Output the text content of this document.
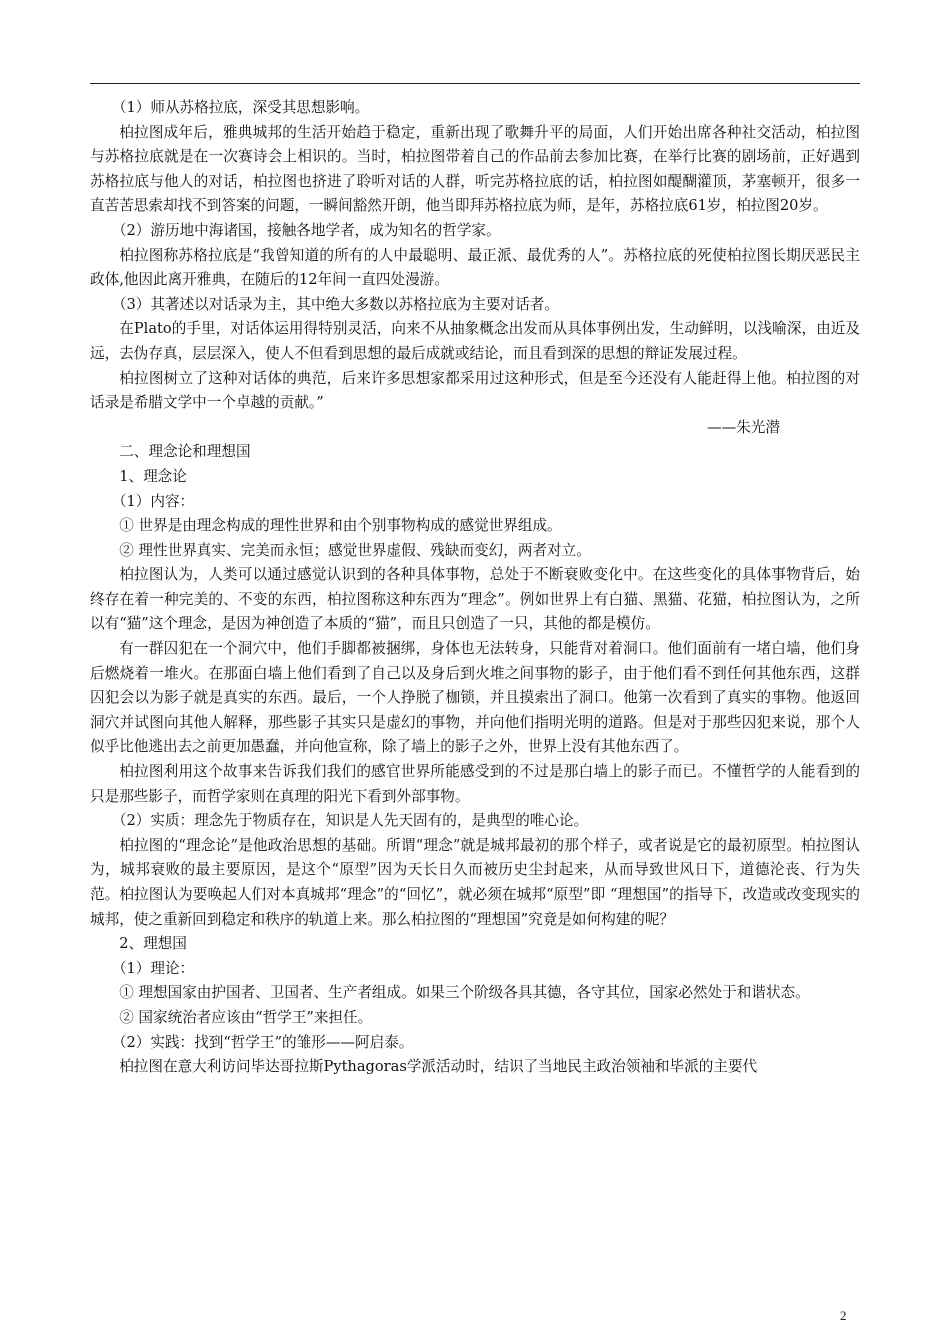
（1）师从苏格拉底，深受其思想影响。

柏拉图成年后，雅典城邦的生活开始趋于稳定，重新出现了歌舞升平的局面，人们开始出席各种社交活动，柏拉图与苏格拉底就是在一次赛诗会上相识的。当时，柏拉图带着自己的作品前去参加比赛，在举行比赛的剧场前，正好遇到苏格拉底与他人的对话，柏拉图也挤进了聆听对话的人群，听完苏格拉底的话，柏拉图如醍醐灌顶，茅塞顿开，很多一直苦苦思索却找不到答案的问题，一瞬间豁然开朗，他当即拜苏格拉底为师，是年，苏格拉底61岁，柏拉图20岁。

（2）游历地中海诸国，接触各地学者，成为知名的哲学家。

柏拉图称苏格拉底是“我曾知道的所有的人中最聪明、最正派、最优秀的人”。苏格拉底的死使柏拉图长期厌恶民主政体,他因此离开雅典，在随后的12年间一直四处漫游。

（3）其著述以对话录为主，其中绝大多数以苏格拉底为主要对话者。

在Plato的手里，对话体运用得特别灵活，向来不从抽象概念出发而从具体事例出发，生动鲜明，以浅喻深，由近及远，去伪存真，层层深入，使人不但看到思想的最后成就或结论，而且看到深的思想的辩证发展过程。

柏拉图树立了这种对话体的典范，后来许多思想家都采用过这种形式，但是至今还没有人能赶得上他。柏拉图的对话录是希腊文学中一个卓越的贡献。”

——朱光潜

二、理念论和理想国

1、理念论

（1）内容：

① 世界是由理念构成的理性世界和由个别事物构成的感觉世界组成。

② 理性世界真实、完美而永恒；感觉世界虚假、残缺而变幻，两者对立。

柏拉图认为，人类可以通过感觉认识到的各种具体事物，总处于不断衰败变化中。在这些变化的具体事物背后，始终存在着一种完美的、不变的东西，柏拉图称这种东西为“理念”。例如世界上有白猫、黑猫、花猫，柏拉图认为，之所以有“猫”这个理念，是因为神创造了本质的“猫”，而且只创造了一只，其他的都是模仿。

有一群囚犯在一个洞穴中，他们手脚都被捆绑，身体也无法转身，只能背对着洞口。他们面前有一堵白墙，他们身后燃烧着一堆火。在那面白墙上他们看到了自己以及身后到火堆之间事物的影子，由于他们看不到任何其他东西，这群囚犯会以为影子就是真实的东西。最后，一个人挣脱了枷锁，并且摸索出了洞口。他第一次看到了真实的事物。他返回洞穴并试图向其他人解释，那些影子其实只是虚幻的事物，并向他们指明光明的道路。但是对于那些囚犯来说，那个人似乎比他逃出去之前更加愚蠢，并向他宣称，除了墙上的影子之外，世界上没有其他东西了。

柏拉图利用这个故事来告诉我们我们的感官世界所能感受到的不过是那白墙上的影子而已。不懂哲学的人能看到的只是那些影子，而哲学家则在真理的阳光下看到外部事物。

（2）实质：理念先于物质存在，知识是人先天固有的，是典型的唯心论。

柏拉图的“理念论”是他政治思想的基础。所谓“理念”就是城邦最初的那个样子，或者说是它的最初原型。柏拉图认为，城邦衰败的最主要原因，是这个“原型”因为天长日久而被历史尘封起来，从而导致世风日下，道德沦丧、行为失范。柏拉图认为要唤起人们对本真城邦“理念”的“回忆”，就必须在城邦“原型”即 “理想国”的指导下，改造或改变现实的城邦，使之重新回到稳定和秩序的轨道上来。那么柏拉图的“理想国”究竟是如何构建的呢？

2、理想国

（1）理论：

① 理想国家由护国者、卫国者、生产者组成。如果三个阶级各具其德，各守其位，国家必然处于和谐状态。

② 国家统治者应该由“哲学王”来担任。

（2）实践：找到“哲学王”的雏形——阿启泰。

柏拉图在意大利访问毕达哥拉斯Pythagoras学派活动时，结识了当地民主政治领袖和毕派的主要代

2
